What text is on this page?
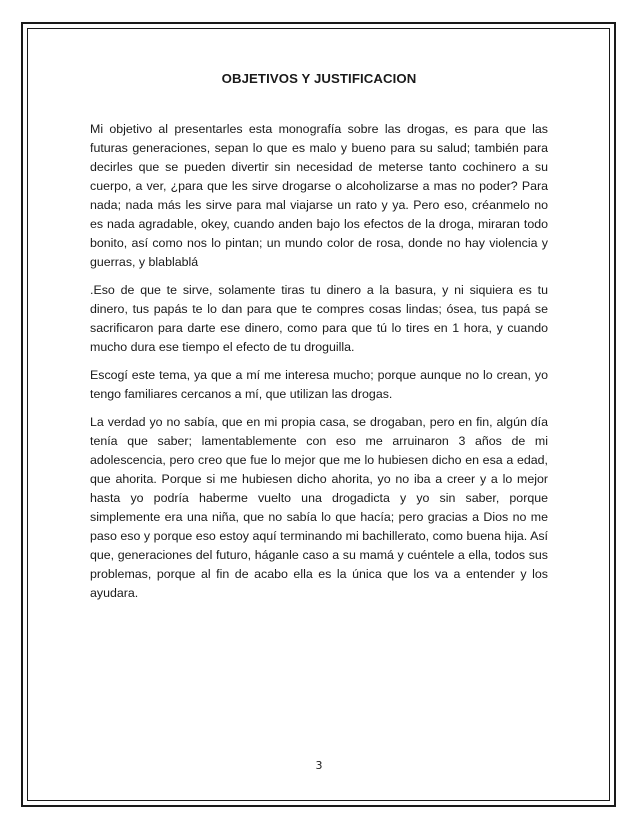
OBJETIVOS Y JUSTIFICACION

Mi objetivo al presentarles esta monografía sobre las drogas, es para que las futuras generaciones, sepan lo que es malo y bueno para su salud; también para decirles que se pueden divertir sin necesidad de meterse tanto cochinero a su cuerpo, a ver, ¿para que les sirve drogarse o alcoholizarse a mas no poder? Para nada; nada más les sirve para mal viajarse un rato y ya. Pero eso, créanmelo no es nada agradable, okey, cuando anden bajo los efectos de la droga, miraran todo bonito, así como nos lo pintan; un mundo color de rosa, donde no hay violencia y guerras, y blablablá

.Eso de que te sirve, solamente tiras tu dinero a la basura, y ni siquiera es tu dinero, tus papás te lo dan para que te compres cosas lindas; ósea, tus papá se sacrificaron para darte ese dinero, como para que tú lo tires en 1 hora, y cuando mucho dura ese tiempo el efecto de tu droguilla.

Escogí este tema, ya que a mí me interesa mucho; porque aunque no lo crean, yo tengo familiares cercanos a mí, que utilizan las drogas.

La verdad yo no sabía, que en mi propia casa, se drogaban, pero en fin, algún día tenía que saber; lamentablemente con eso me arruinaron 3 años de mi adolescencia, pero creo que fue lo mejor que me lo hubiesen dicho en esa a edad, que ahorita. Porque si me hubiesen dicho ahorita, yo no iba a creer y a lo mejor hasta yo podría haberme vuelto una drogadicta y yo sin saber, porque simplemente era una niña, que no sabía lo que hacía; pero gracias a Dios no me paso eso y porque eso estoy aquí terminando mi bachillerato, como buena hija. Así que, generaciones del futuro, háganle caso a su mamá y cuéntele a ella, todos sus problemas, porque al fin de acabo ella es la única que los va a entender y los ayudara.

3
